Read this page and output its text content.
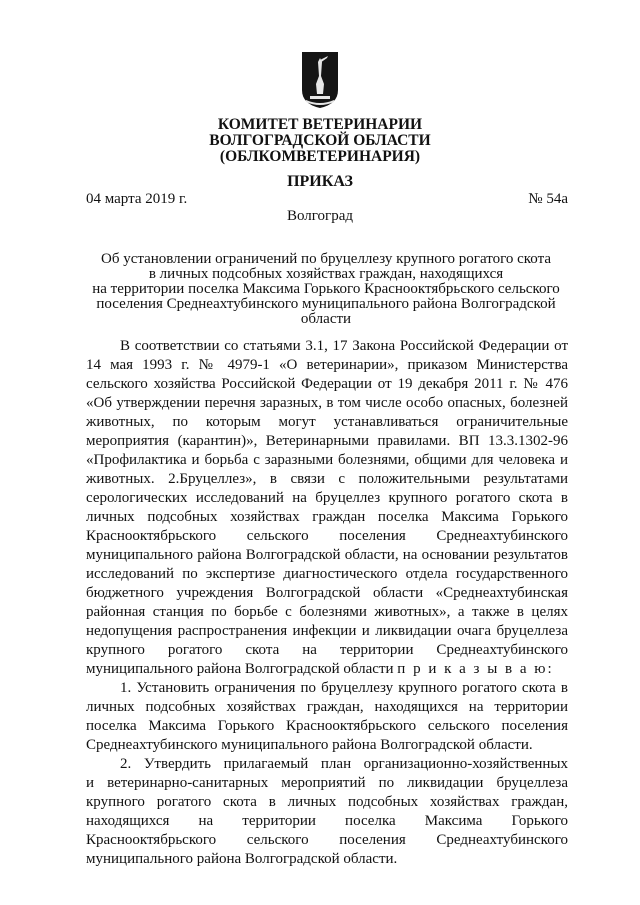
КОМИТЕТ ВЕТЕРИНАРИИ
ВОЛГОГРАДСКОЙ ОБЛАСТИ
(ОБЛКОМВЕТЕРИНАРИЯ)
ПРИКАЗ
04 марта 2019 г.	№ 54а
Волгоград
Об установлении ограничений по бруцеллезу крупного рогатого скота
в личных подсобных хозяйствах граждан, находящихся
на территории поселка Максима Горького Краснооктябрьского сельского
поселения Среднеахтубинского муниципального района Волгоградской
области

В соответствии со статьями 3.1, 17 Закона Российской Федерации от
14 мая 1993 г. № 4979-1 «О ветеринарии», приказом Министерства
сельского хозяйства Российской Федерации от 19 декабря 2011 г. № 476
«Об утверждении перечня заразных, в том числе особо опасных, болезней
животных, по которым могут устанавливаться ограничительные
мероприятия (карантин)», Ветеринарными правилами. ВП 13.3.1302-96
«Профилактика и борьба с заразными болезнями, общими для человека и
животных. 2.Бруцеллез», в связи с положительными результатами
серологических исследований на бруцеллез крупного рогатого скота в
личных подсобных хозяйствах граждан поселка Максима Горького
Краснооктябрьского сельского поселения Среднеахтубинского
муниципального района Волгоградской области, на основании результатов
исследований по экспертизе диагностического отдела государственного
бюджетного учреждения Волгоградской области «Среднеахтубинская
районная станция по борьбе с болезнями животных», а также в целях
недопущения распространения инфекции и ликвидации очага бруцеллеза
крупного рогатого скота на территории Среднеахтубинского
муниципального района Волгоградской области п р и к а з ы в а ю:

1. Установить ограничения по бруцеллезу крупного рогатого скота в
личных подсобных хозяйствах граждан, находящихся на территории
поселка Максима Горького Краснооктябрьского сельского поселения
Среднеахтубинского муниципального района Волгоградской области.

2. Утвердить прилагаемый план организационно-хозяйственных
и ветеринарно-санитарных мероприятий по ликвидации бруцеллеза
крупного рогатого скота в личных подсобных хозяйствах граждан,
находящихся на территории поселка Максима Горького
Краснооктябрьского сельского поселения Среднеахтубинского
муниципального района Волгоградской области.
